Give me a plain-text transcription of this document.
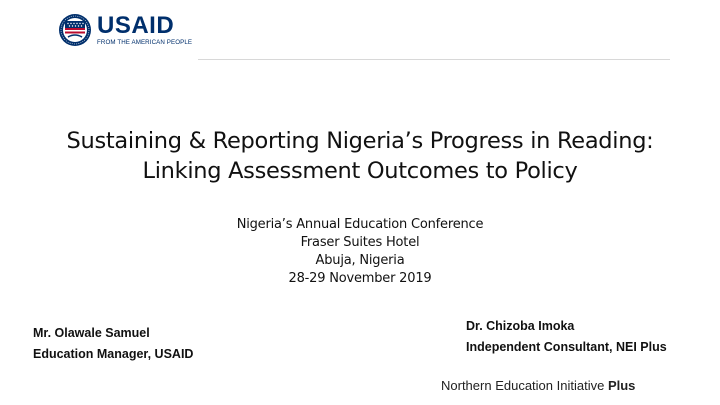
USAID
FROM THE AMERICAN PEOPLE
Sustaining & Reporting Nigeria’s Progress in Reading:
Linking Assessment Outcomes to Policy
Nigeria’s Annual Education Conference
Fraser Suites Hotel
Abuja, Nigeria
28-29 November 2019
Mr. Olawale Samuel
Education Manager, USAID
Dr. Chizoba Imoka
Independent Consultant, NEI Plus
Northern Education Initiative Plus
